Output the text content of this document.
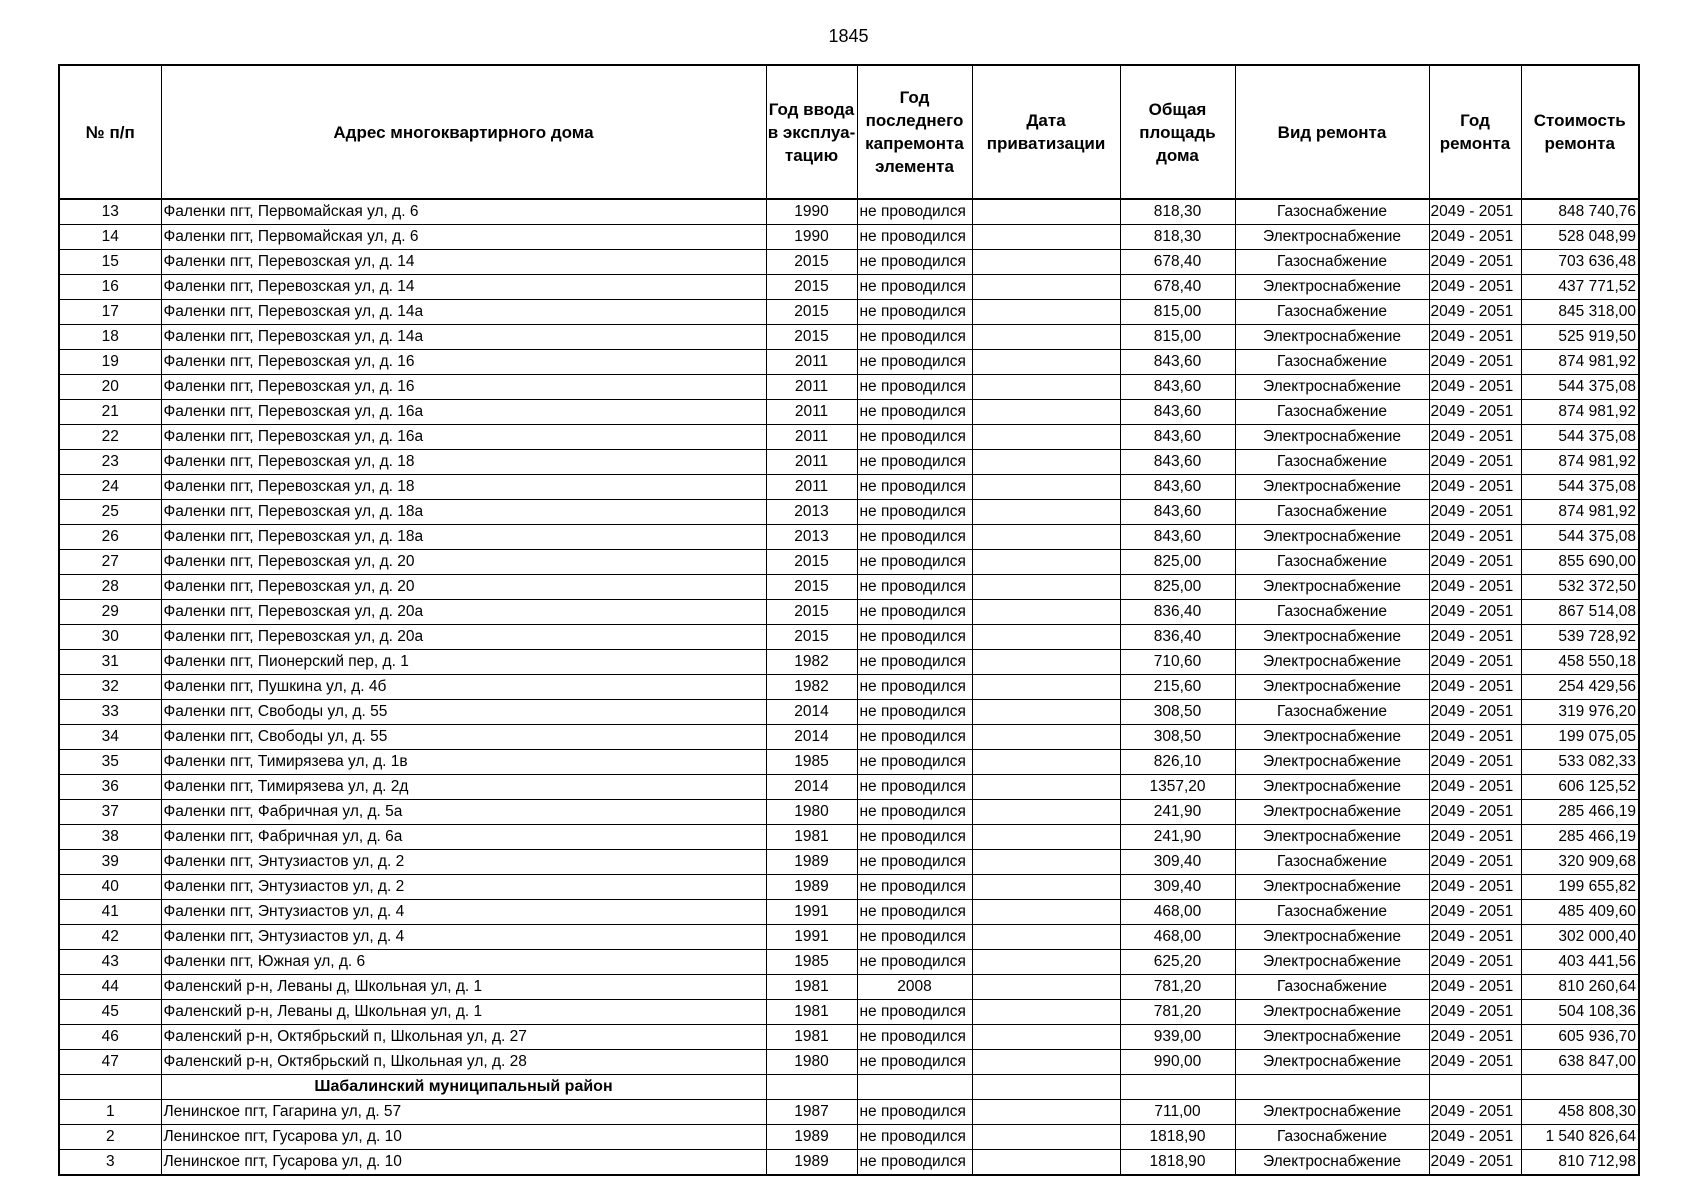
1845
№ п/п	Адрес многоквартирного дома	Год ввода в эксплуа-тацию	Год последнего капремонта элемента	Дата приватизации	Общая площадь дома	Вид ремонта	Год ремонта	Стоимость ремонта
13	Фаленки пгт, Первомайская ул, д. 6	1990	не проводился		818,30	Газоснабжение	2049 - 2051	848 740,76
14	Фаленки пгт, Первомайская ул, д. 6	1990	не проводился		818,30	Электроснабжение	2049 - 2051	528 048,99
15	Фаленки пгт, Перевозская ул, д. 14	2015	не проводился		678,40	Газоснабжение	2049 - 2051	703 636,48
16	Фаленки пгт, Перевозская ул, д. 14	2015	не проводился		678,40	Электроснабжение	2049 - 2051	437 771,52
17	Фаленки пгт, Перевозская ул, д. 14а	2015	не проводился		815,00	Газоснабжение	2049 - 2051	845 318,00
18	Фаленки пгт, Перевозская ул, д. 14а	2015	не проводился		815,00	Электроснабжение	2049 - 2051	525 919,50
19	Фаленки пгт, Перевозская ул, д. 16	2011	не проводился		843,60	Газоснабжение	2049 - 2051	874 981,92
20	Фаленки пгт, Перевозская ул, д. 16	2011	не проводился		843,60	Электроснабжение	2049 - 2051	544 375,08
21	Фаленки пгт, Перевозская ул, д. 16а	2011	не проводился		843,60	Газоснабжение	2049 - 2051	874 981,92
22	Фаленки пгт, Перевозская ул, д. 16а	2011	не проводился		843,60	Электроснабжение	2049 - 2051	544 375,08
23	Фаленки пгт, Перевозская ул, д. 18	2011	не проводился		843,60	Газоснабжение	2049 - 2051	874 981,92
24	Фаленки пгт, Перевозская ул, д. 18	2011	не проводился		843,60	Электроснабжение	2049 - 2051	544 375,08
25	Фаленки пгт, Перевозская ул, д. 18а	2013	не проводился		843,60	Газоснабжение	2049 - 2051	874 981,92
26	Фаленки пгт, Перевозская ул, д. 18а	2013	не проводился		843,60	Электроснабжение	2049 - 2051	544 375,08
27	Фаленки пгт, Перевозская ул, д. 20	2015	не проводился		825,00	Газоснабжение	2049 - 2051	855 690,00
28	Фаленки пгт, Перевозская ул, д. 20	2015	не проводился		825,00	Электроснабжение	2049 - 2051	532 372,50
29	Фаленки пгт, Перевозская ул, д. 20а	2015	не проводился		836,40	Газоснабжение	2049 - 2051	867 514,08
30	Фаленки пгт, Перевозская ул, д. 20а	2015	не проводился		836,40	Электроснабжение	2049 - 2051	539 728,92
31	Фаленки пгт, Пионерский пер, д. 1	1982	не проводился		710,60	Электроснабжение	2049 - 2051	458 550,18
32	Фаленки пгт, Пушкина ул, д. 4б	1982	не проводился		215,60	Электроснабжение	2049 - 2051	254 429,56
33	Фаленки пгт, Свободы ул, д. 55	2014	не проводился		308,50	Газоснабжение	2049 - 2051	319 976,20
34	Фаленки пгт, Свободы ул, д. 55	2014	не проводился		308,50	Электроснабжение	2049 - 2051	199 075,05
35	Фаленки пгт, Тимирязева ул, д. 1в	1985	не проводился		826,10	Электроснабжение	2049 - 2051	533 082,33
36	Фаленки пгт, Тимирязева ул, д. 2д	2014	не проводился		1357,20	Электроснабжение	2049 - 2051	606 125,52
37	Фаленки пгт, Фабричная ул, д. 5а	1980	не проводился		241,90	Электроснабжение	2049 - 2051	285 466,19
38	Фаленки пгт, Фабричная ул, д. 6а	1981	не проводился		241,90	Электроснабжение	2049 - 2051	285 466,19
39	Фаленки пгт, Энтузиастов ул, д. 2	1989	не проводился		309,40	Газоснабжение	2049 - 2051	320 909,68
40	Фаленки пгт, Энтузиастов ул, д. 2	1989	не проводился		309,40	Электроснабжение	2049 - 2051	199 655,82
41	Фаленки пгт, Энтузиастов ул, д. 4	1991	не проводился		468,00	Газоснабжение	2049 - 2051	485 409,60
42	Фаленки пгт, Энтузиастов ул, д. 4	1991	не проводился		468,00	Электроснабжение	2049 - 2051	302 000,40
43	Фаленки пгт, Южная ул, д. 6	1985	не проводился		625,20	Электроснабжение	2049 - 2051	403 441,56
44	Фаленский р-н, Леваны д, Школьная ул, д. 1	1981	2008		781,20	Газоснабжение	2049 - 2051	810 260,64
45	Фаленский р-н, Леваны д, Школьная ул, д. 1	1981	не проводился		781,20	Электроснабжение	2049 - 2051	504 108,36
46	Фаленский р-н, Октябрьский п, Школьная ул, д. 27	1981	не проводился		939,00	Электроснабжение	2049 - 2051	605 936,70
47	Фаленский р-н, Октябрьский п, Школьная ул, д. 28	1980	не проводился		990,00	Электроснабжение	2049 - 2051	638 847,00
	Шабалинский муниципальный район							
1	Ленинское пгт, Гагарина ул, д. 57	1987	не проводился		711,00	Электроснабжение	2049 - 2051	458 808,30
2	Ленинское пгт, Гусарова ул, д. 10	1989	не проводился		1818,90	Газоснабжение	2049 - 2051	1 540 826,64
3	Ленинское пгт, Гусарова ул, д. 10	1989	не проводился		1818,90	Электроснабжение	2049 - 2051	810 712,98
